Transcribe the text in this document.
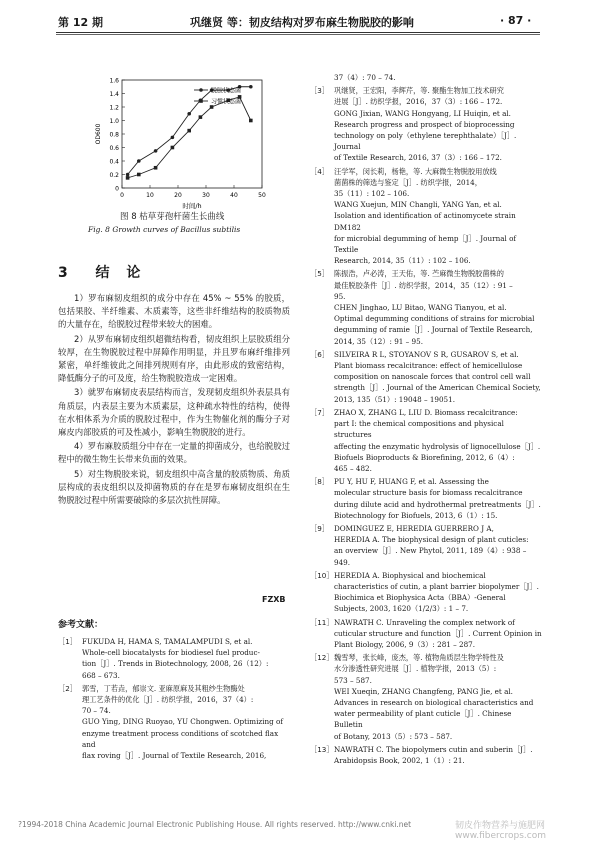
第 12 期	巩继贤 等：韧皮结构对罗布麻生物脱胶的影响	· 87 ·
0
0.2
0.4
0.6
0.8
1.0
1.2
1.4
1.6
0	10	20	30	40	50
时间/h
OD600
脱胶状态菌
习惯状态菌
图 8 枯草芽孢杆菌生长曲线
Fig. 8 Growth curves of Bacillus subtilis
3 结 论

1）罗布麻韧皮组织的成分中存在 45% ~ 55% 的胶质，包括果胶、半纤维素、木质素等，这些非纤维结构的胶质物质的大量存在，给脱胶过程带来较大的困难。

2）从罗布麻韧皮组织超微结构看，韧皮组织上层胶质组分较厚，在生物脱胶过程中屏障作用明显，并且罗布麻纤维排列紧密，单纤维彼此之间排列规则有序，由此形成的致密结构，降低酶分子的可及度，给生物脱胶造成一定困难。

3）就罗布麻韧皮表层结构而言，发现韧皮组织外表层具有角质层，内表层主要为木质素层，这种疏水特性的结构，使得在水相体系为介质的脱胶过程中，作为生物催化剂的酶分子对麻皮内部胶质的可及性减小，影响生物脱胶的进行。

4）罗布麻胶质组分中存在一定量的抑菌成分，也给脱胶过程中的微生物生长带来负面的效果。

5）对生物脱胶来说，韧皮组织中高含量的胶质物质、角质层构成的表皮组织以及抑菌物质的存在是罗布麻韧皮组织在生物脱胶过程中所需要破除的多层次抗性屏障。

FZXB
参考文献：
［1］ FUKUDA H, HAMA S, TAMALAMPUDI S, et al.
Whole-cell biocatalysts for biodiesel fuel produc-
tion［J］. Trends in Biotechnology, 2008, 26（12）:
668 – 673.
［2］ 郭雪，丁若垚，郁崇文. 亚麻原麻及其粗纱生物酶处
理工艺条件的优化［J］. 纺织学报，2016，37（4）:
70 – 74.
GUO Ying, DING Ruoyao, YU Chongwen. Optimizing of
enzyme treatment process conditions of scotched flax and
flax roving［J］. Journal of Textile Research, 2016,
37（4）: 70 – 74.
［3］ 巩继贤，王宏阳，李辉芹，等. 聚酯生物加工技术研究
进展［J］. 纺织学报，2016，37（3）: 166 – 172.
GONG Jixian, WANG Hongyang, LI Huiqin, et al.
Research progress and prospect of bioprocessing
technology on poly（ethylene terephthalate）［J］. Journal
of Textile Research, 2016, 37（3）: 166 – 172.
［4］ 汪学军，闵长莉，杨艳，等. 大麻微生物脱胶用放线
菌菌株的筛选与鉴定［J］. 纺织学报，2014，
35（11）: 102 – 106.
WANG Xuejun, MIN Changli, YANG Yan, et al.
Isolation and identification of actinomycete strain DM182
for microbial degumming of hemp［J］. Journal of Textile
Research, 2014, 35（11）: 102 – 106.
［5］ 陈振浩，卢必涛，王天佑，等. 苎麻微生物脱胶菌株的
最佳脱胶条件［J］. 纺织学报，2014，35（12）: 91 –
95.
CHEN Jinghao, LU Bitao, WANG Tianyou, et al.
Optimal degumming conditions of strains for microbial
degumming of ramie［J］. Journal of Textile Research,
2014, 35（12）: 91 – 95.
［6］ SILVEIRA R L, STOYANOV S R, GUSAROV S, et al.
Plant biomass recalcitrance: effect of hemicellulose
composition on nanoscale forces that control cell wall
strength［J］. Journal of the American Chemical Society,
2013, 135（51）: 19048 – 19051.
［7］ ZHAO X, ZHANG L, LIU D. Biomass recalcitrance:
part I: the chemical compositions and physical structures
affecting the enzymatic hydrolysis of lignocellulose［J］.
Biofuels Bioproducts & Biorefining, 2012, 6（4）:
465 – 482.
［8］ PU Y, HU F, HUANG F, et al. Assessing the
molecular structure basis for biomass recalcitrance
during dilute acid and hydrothermal pretreatments［J］.
Biotechnology for Biofuels, 2013, 6（1）: 15.
［9］ DOMINGUEZ E, HEREDIA GUERRERO J A,
HEREDIA A. The biophysical design of plant cuticles:
an overview［J］. New Phytol, 2011, 189（4）: 938 –
949.
［10］ HEREDIA A. Biophysical and biochemical
characteristics of cutin, a plant barrier biopolymer［J］.
Biochimica et Biophysica Acta（BBA）-General
Subjects, 2003, 1620（1/2/3）: 1 – 7.
［11］ NAWRATH C. Unraveling the complex network of
cuticular structure and function［J］. Current Opinion in
Plant Biology, 2006, 9（3）: 281 – 287.
［12］ 魏雪琴，张长峰，庞杰，等. 植物角质层生物学特性及
水分渗透性研究进展［J］. 植物学报，2013（5）:
573 – 587.
WEI Xueqin, ZHANG Changfeng, PANG Jie, et al.
Advances in research on biological characteristics and
water permeability of plant cuticle［J］. Chinese Bulletin
of Botany, 2013（5）: 573 – 587.
［13］ NAWRATH C. The biopolymers cutin and suberin［J］.
Arabidopsis Book, 2002, 1（1）: 21.
?1994-2018 China Academic Journal Electronic Publishing House. All rights reserved. http://www.cnki.net	韧皮作物营养与施肥网 www.fibercrops.com
